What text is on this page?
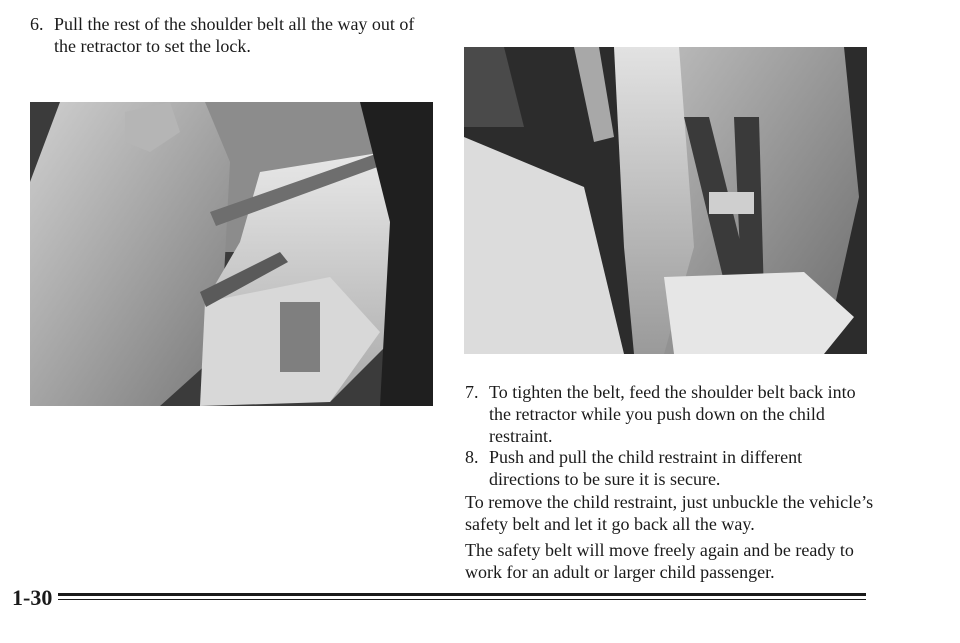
6. Pull the rest of the shoulder belt all the way out of the retractor to set the lock.
7. To tighten the belt, feed the shoulder belt back into the retractor while you push down on the child restraint.
8. Push and pull the child restraint in different directions to be sure it is secure.

To remove the child restraint, just unbuckle the vehicle’s safety belt and let it go back all the way.

The safety belt will move freely again and be ready to work for an adult or larger child passenger.

1-30
